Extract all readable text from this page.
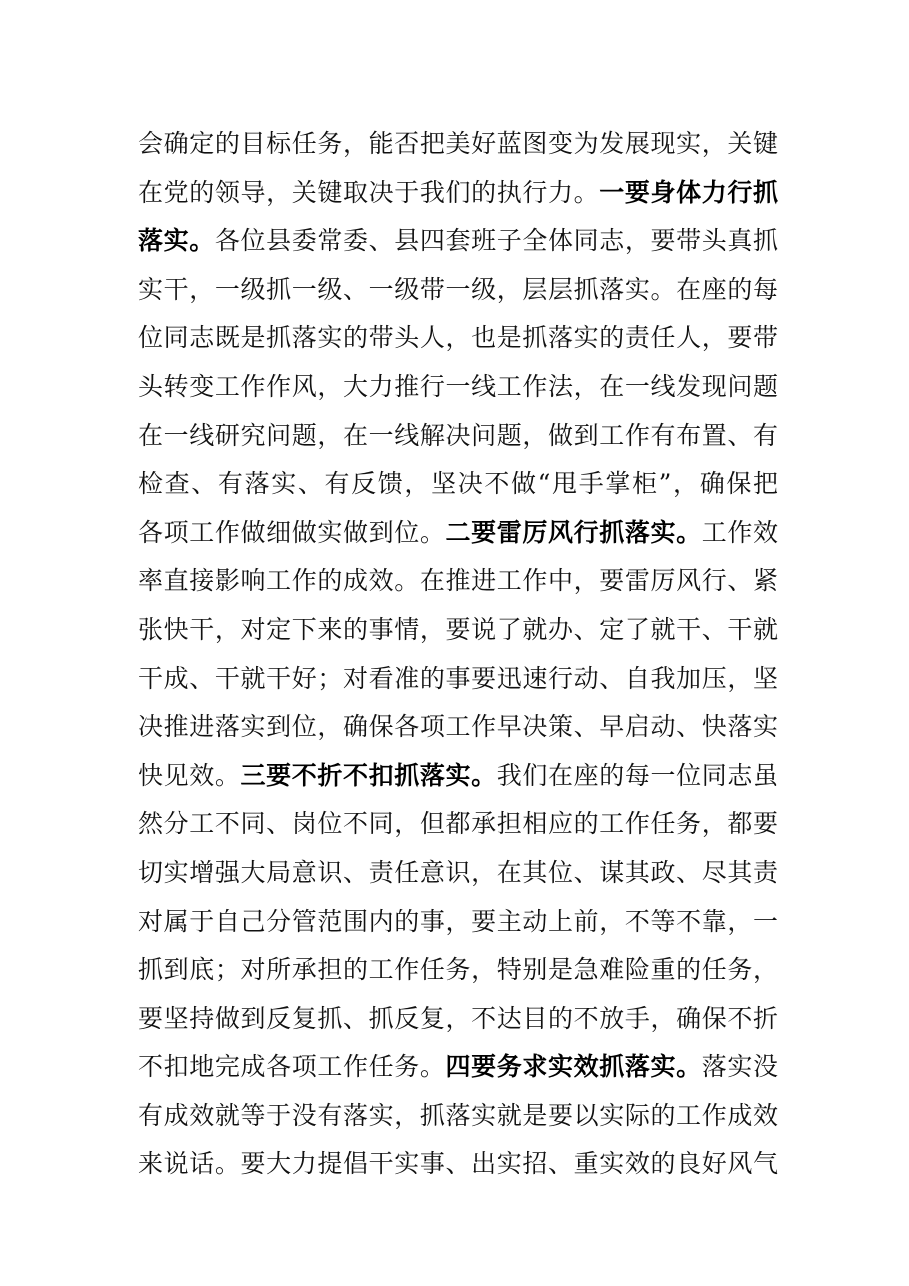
会确定的目标任务，能否把美好蓝图变为发展现实，关键
在党的领导，关键取决于我们的执行力。一要身体力行抓
落实。各位县委常委、县四套班子全体同志，要带头真抓
实干，一级抓一级、一级带一级，层层抓落实。在座的每
位同志既是抓落实的带头人，也是抓落实的责任人，要带
头转变工作作风，大力推行一线工作法，在一线发现问题
在一线研究问题，在一线解决问题，做到工作有布置、有
检查、有落实、有反馈，坚决不做“甩手掌柜”，确保把
各项工作做细做实做到位。二要雷厉风行抓落实。工作效
率直接影响工作的成效。在推进工作中，要雷厉风行、紧
张快干，对定下来的事情，要说了就办、定了就干、干就
干成、干就干好；对看准的事要迅速行动、自我加压，坚
决推进落实到位，确保各项工作早决策、早启动、快落实
快见效。三要不折不扣抓落实。我们在座的每一位同志虽
然分工不同、岗位不同，但都承担相应的工作任务，都要
切实增强大局意识、责任意识，在其位、谋其政、尽其责
对属于自己分管范围内的事，要主动上前，不等不靠，一
抓到底；对所承担的工作任务，特别是急难险重的任务，
要坚持做到反复抓、抓反复，不达目的不放手，确保不折
不扣地完成各项工作任务。四要务求实效抓落实。落实没
有成效就等于没有落实，抓落实就是要以实际的工作成效
来说话。要大力提倡干实事、出实招、重实效的良好风气
